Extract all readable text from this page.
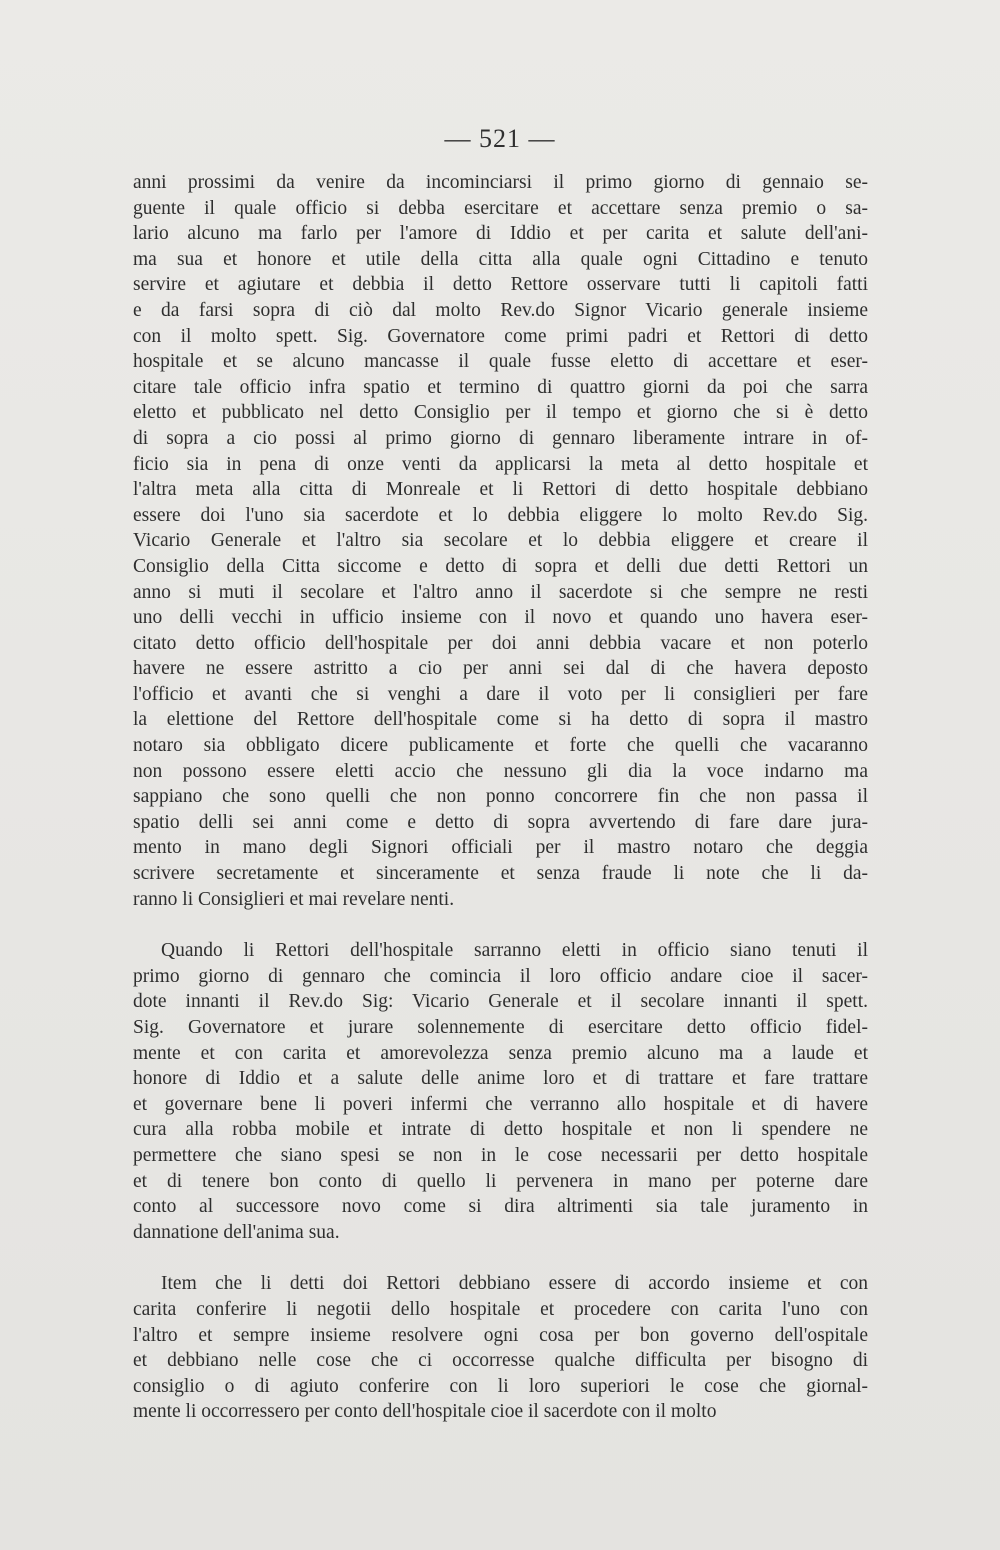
— 521 —
anni prossimi da venire da incominciarsi il primo giorno di gennaio se-
guente il quale officio si debba esercitare et accettare senza premio o sa-
lario alcuno ma farlo per l'amore di Iddio et per carita et salute dell'ani-
ma sua et honore et utile della citta alla quale ogni Cittadino e tenuto
servire et agiutare et debbia il detto Rettore osservare tutti li capitoli fatti
e da farsi sopra di ciò dal molto Rev.do Signor Vicario generale insieme
con il molto spett. Sig. Governatore come primi padri et Rettori di detto
hospitale et se alcuno mancasse il quale fusse eletto di accettare et eser-
citare tale officio infra spatio et termino di quattro giorni da poi che sarra
eletto et pubblicato nel detto Consiglio per il tempo et giorno che si è detto
di sopra a cio possi al primo giorno di gennaro liberamente intrare in of-
ficio sia in pena di onze venti da applicarsi la meta al detto hospitale et
l'altra meta alla citta di Monreale et li Rettori di detto hospitale debbiano
essere doi l'uno sia sacerdote et lo debbia eliggere lo molto Rev.do Sig.
Vicario Generale et l'altro sia secolare et lo debbia eliggere et creare il
Consiglio della Citta siccome e detto di sopra et delli due detti Rettori un
anno si muti il secolare et l'altro anno il sacerdote si che sempre ne resti
uno delli vecchi in ufficio insieme con il novo et quando uno havera eser-
citato detto officio dell'hospitale per doi anni debbia vacare et non poterlo
havere ne essere astritto a cio per anni sei dal di che havera deposto
l'officio et avanti che si venghi a dare il voto per li consiglieri per fare
la elettione del Rettore dell'hospitale come si ha detto di sopra il mastro
notaro sia obbligato dicere publicamente et forte che quelli che vacaranno
non possono essere eletti accio che nessuno gli dia la voce indarno ma
sappiano che sono quelli che non ponno concorrere fin che non passa il
spatio delli sei anni come e detto di sopra avvertendo di fare dare jura-
mento in mano degli Signori officiali per il mastro notaro che deggia
scrivere secretamente et sinceramente et senza fraude li note che li da-
ranno li Consiglieri et mai revelare nenti.
Quando li Rettori dell'hospitale sarranno eletti in officio siano tenuti il
primo giorno di gennaro che comincia il loro officio andare cioe il sacer-
dote innanti il Rev.do Sig: Vicario Generale et il secolare innanti il spett.
Sig. Governatore et jurare solennemente di esercitare detto officio fidel-
mente et con carita et amorevolezza senza premio alcuno ma a laude et
honore di Iddio et a salute delle anime loro et di trattare et fare trattare
et governare bene li poveri infermi che verranno allo hospitale et di havere
cura alla robba mobile et intrate di detto hospitale et non li spendere ne
permettere che siano spesi se non in le cose necessarii per detto hospitale
et di tenere bon conto di quello li pervenera in mano per poterne dare
conto al successore novo come si dira altrimenti sia tale juramento in
dannatione dell'anima sua.
Item che li detti doi Rettori debbiano essere di accordo insieme et con
carita conferire li negotii dello hospitale et procedere con carita l'uno con
l'altro et sempre insieme resolvere ogni cosa per bon governo dell'ospitale
et debbiano nelle cose che ci occorresse qualche difficulta per bisogno di
consiglio o di agiuto conferire con li loro superiori le cose che giornal-
mente li occorressero per conto dell'hospitale cioe il sacerdote con il molto
